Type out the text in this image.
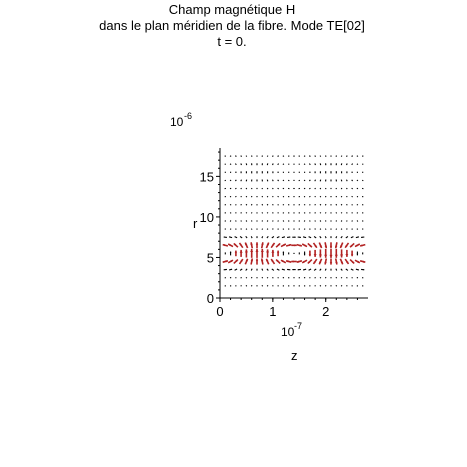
Champ magnétique H
dans le plan méridien de la fibre. Mode TE[02]
t = 0.
10 -6
0	1	2
0
5
10
15
r
10 -7
z
